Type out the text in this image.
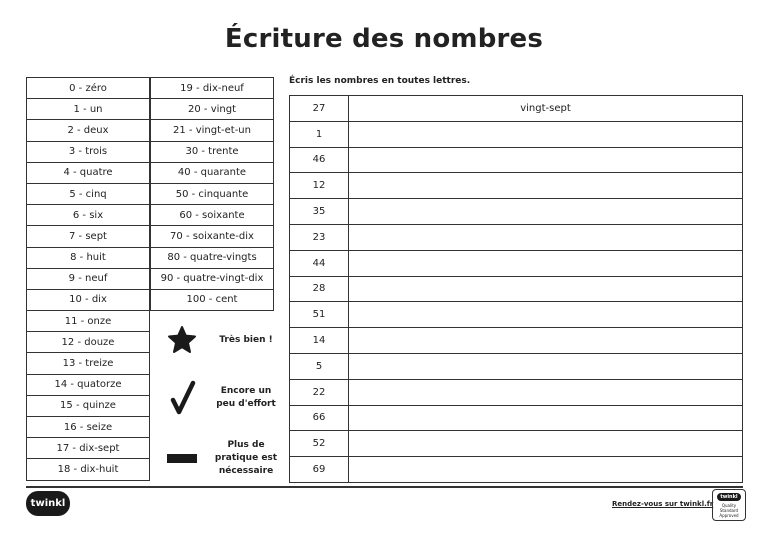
Écriture des nombres
0 - zéro
1 - un
2 - deux
3 - trois
4 - quatre
5 - cinq
6 - six
7 - sept
8 - huit
9 - neuf
10 - dix
11 - onze
12 - douze
13 - treize
14 - quatorze
15 - quinze
16 - seize
17 - dix-sept
18 - dix-huit
19 - dix-neuf
20 - vingt
21 - vingt-et-un
30 - trente
40 - quarante
50 - cinquante
60 - soixante
70 - soixante-dix
80 - quatre-vingts
90 - quatre-vingt-dix
100 - cent
Très bien !
Encore un peu d'effort
Plus de pratique est nécessaire
Écris les nombres en toutes lettres.
27	vingt-sept
1	
46	
12	
35	
23	
44	
28	
51	
14	
5	
22	
66	
52	
69	
twinkl	Rendez-vous sur twinkl.fr
twinkl
Quality Standard Approved
